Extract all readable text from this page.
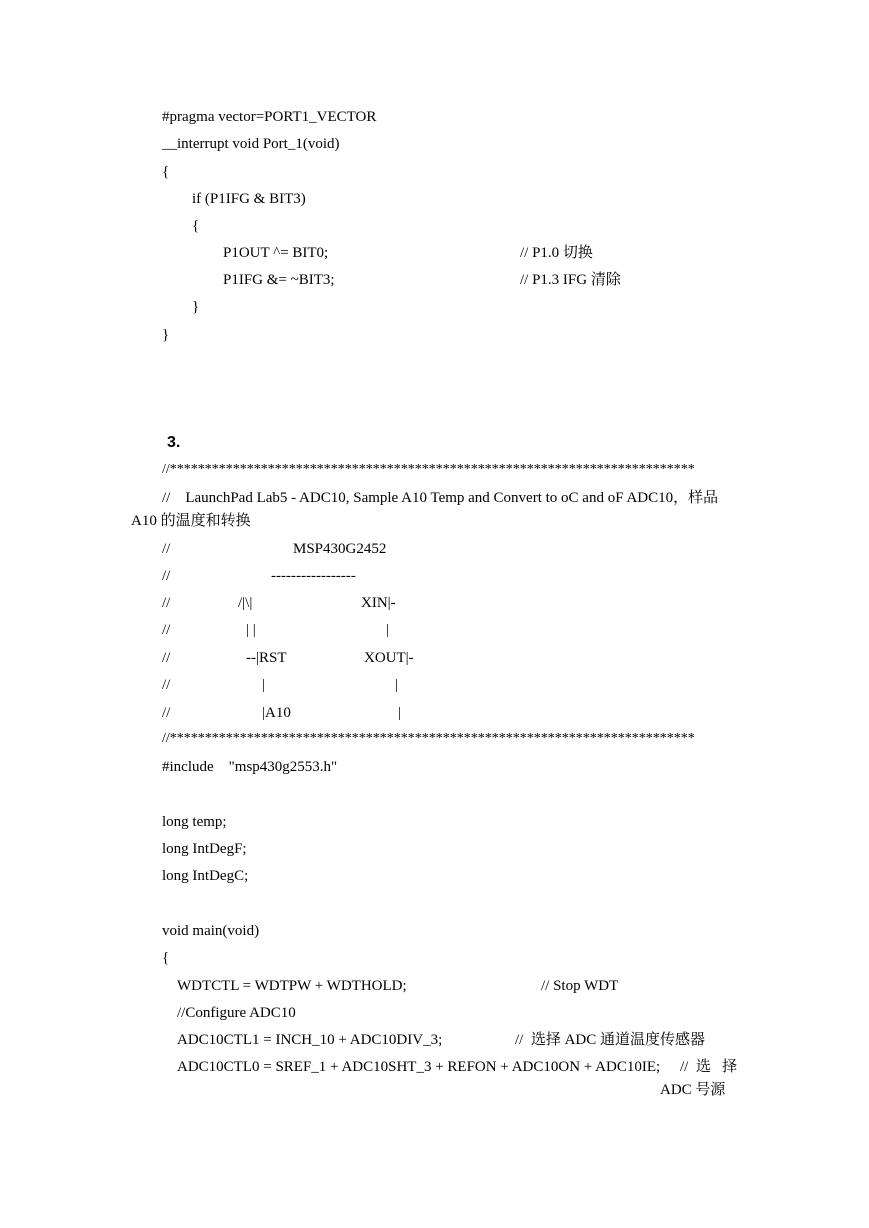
#pragma vector=PORT1_VECTOR
__interrupt void Port_1(void)
{
if (P1IFG & BIT3)
{
P1OUT ^= BIT0;	// P1.0 切换
P1IFG &= ~BIT3;	// P1.3 IFG 清除
}
}
3.
//***************************************************************************
//    LaunchPad Lab5 - ADC10, Sample A10 Temp and Convert to oC and oF ADC10，样品
A10 的温度和转换
//	MSP430G2452
//	-----------------
//	/|\|	XIN|-
//	| |	|
//	--|RST	XOUT|-
//	|	|
//	|A10	|
//***************************************************************************
#include    "msp430g2553.h"
long temp;
long IntDegF;
long IntDegC;
void main(void)
{
WDTCTL = WDTPW + WDTHOLD;	// Stop WDT
//Configure ADC10
ADC10CTL1 = INCH_10 + ADC10DIV_3;	//  选择 ADC 通道温度传感器
ADC10CTL0 = SREF_1 + ADC10SHT_3 + REFON + ADC10ON + ADC10IE; //  选   择
ADC 号源
